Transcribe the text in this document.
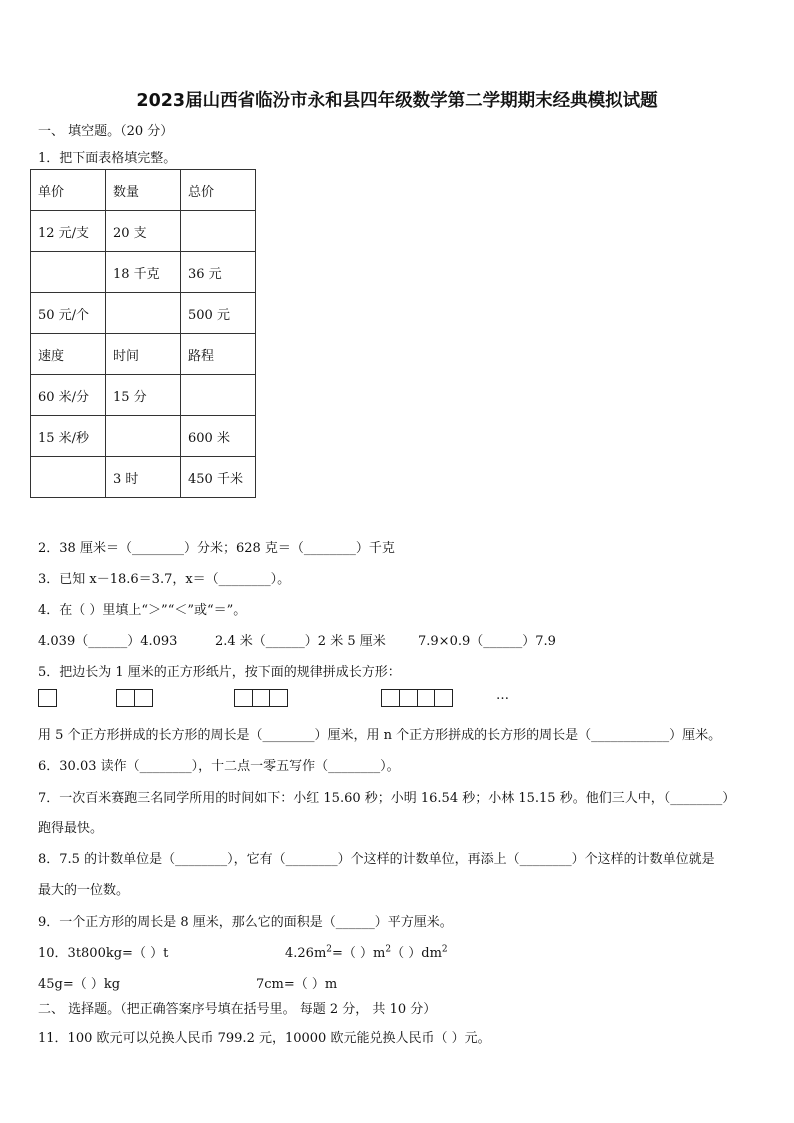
2023届山西省临汾市永和县四年级数学第二学期期末经典模拟试题
一、 填空题。（20 分）
1．把下面表格填完整。
单价	数量	总价
12 元/支	20 支	
	18 千克	36 元
50 元/个		500 元
速度	时间	路程
60 米/分	15 分	
15 米/秒		600 米
	3 时	450 千米
2．38 厘米＝（________）分米；628 克＝（________）千克
3．已知 x－18.6＝3.7，x＝（________）。
4．在（ ）里填上“＞”“＜”或“＝”。
4.039（______）4.093	2.4 米（______）2 米 5 厘米 7.9×0.9（______）7.9
5．把边长为 1 厘米的正方形纸片，按下面的规律拼成长方形：
…
用 5 个正方形拼成的长方形的周长是（________）厘米，用 n 个正方形拼成的长方形的周长是（____________）厘米。
6．30.03 读作（________），十二点一零五写作（________）。
7．一次百米赛跑三名同学所用的时间如下：小红 15.60 秒；小明 16.54 秒；小林 15.15 秒。他们三人中，（________）
跑得最快。
8．7.5 的计数单位是（________），它有（________）个这样的计数单位，再添上（________）个这样的计数单位就是
最大的一位数。
9．一个正方形的周长是 8 厘米，那么它的面积是（______）平方厘米。
10．3t800kg=（ ）t	$4.26m^2=$（ ）$m^2$（ ）$dm^2$
45g=（ ）kg	7cm=（ ）m
二、 选择题。（把正确答案序号填在括号里。 每题 2 分， 共 10 分）
11．100 欧元可以兑换人民币 799.2 元，10000 欧元能兑换人民币（ ）元。
